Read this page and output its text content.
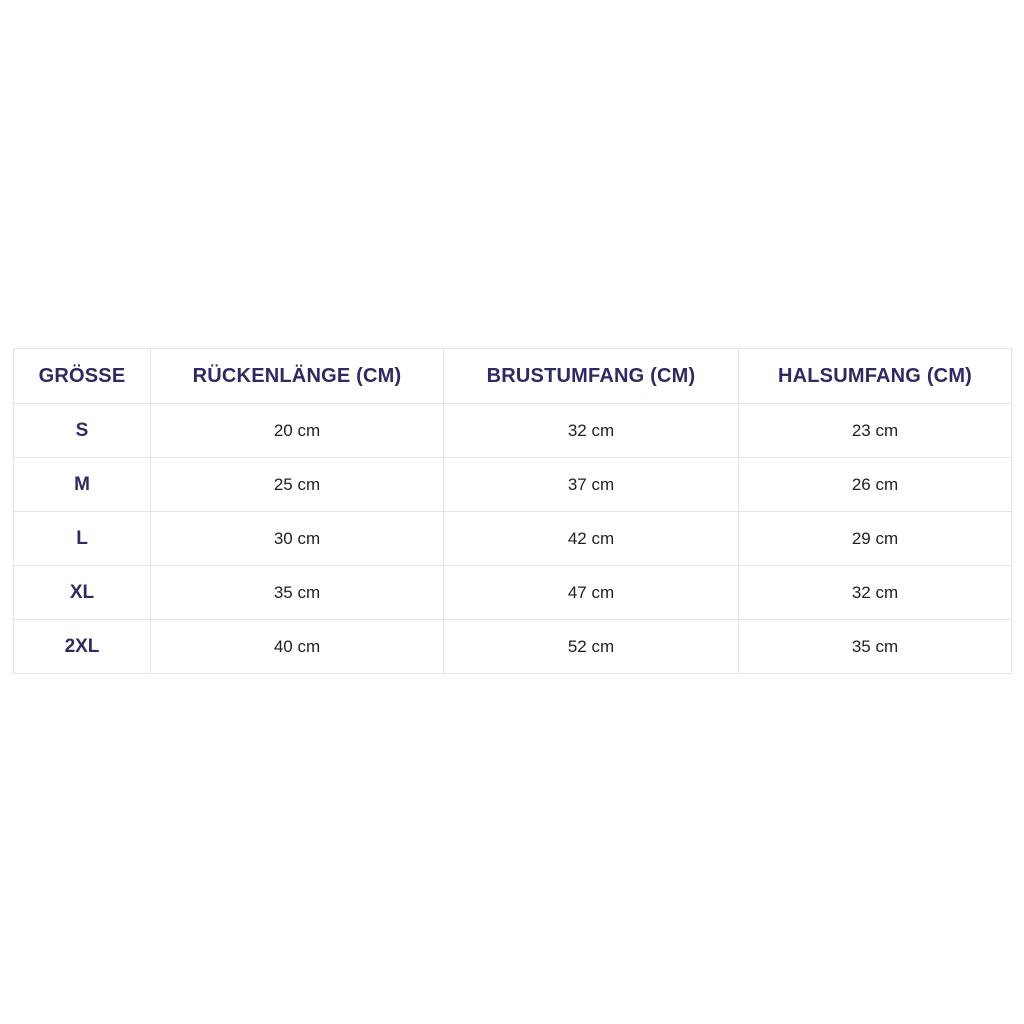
GRÖSSE	RÜCKENLÄNGE (CM)	BRUSTUMFANG (CM)	HALSUMFANG (CM)
S	20 cm	32 cm	23 cm
M	25 cm	37 cm	26 cm
L	30 cm	42 cm	29 cm
XL	35 cm	47 cm	32 cm
2XL	40 cm	52 cm	35 cm
